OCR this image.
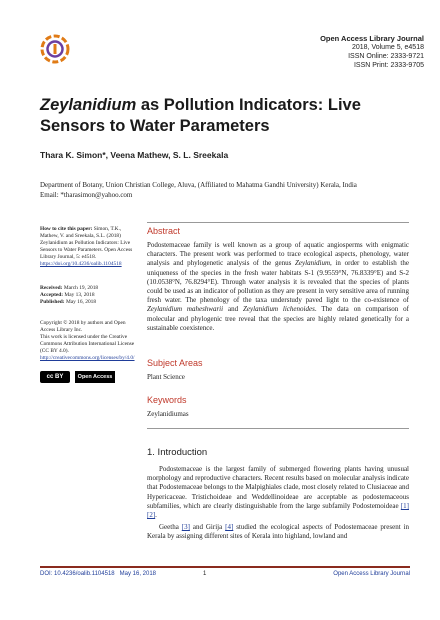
Open Access Library Journal
2018, Volume 5, e4518
ISSN Online: 2333-9721
ISSN Print: 2333-9705
Zeylanidium as Pollution Indicators: Live Sensors to Water Parameters
Thara K. Simon*, Veena Mathew, S. L. Sreekala
Department of Botany, Union Christian College, Aluva, (Affiliated to Mahatma Gandhi University) Kerala, India
Email: *tharasimon@yahoo.com
How to cite this paper: Simon, T.K., Mathew, V. and Sreekala, S.L. (2018) Zeylanidium as Pollution Indicators: Live Sensors to Water Parameters. Open Access Library Journal, 5: e4518.
https://doi.org/10.4236/oalib.1104518
Received: March 19, 2018
Accepted: May 13, 2018
Published: May 16, 2018
Copyright © 2018 by authors and Open Access Library Inc.
This work is licensed under the Creative Commons Attribution International License (CC BY 4.0).
http://creativecommons.org/licenses/by/4.0/
cc BY	Open Access
Abstract
Podostemaceae family is well known as a group of aquatic angiosperms with enigmatic characters. The present work was performed to trace ecological aspects, phenology, water analysis and phylogenetic analysis of the genus Zeylanidium, in order to establish the uniqueness of the species in the fresh water habitats S-1 (9.9559°N, 76.8339°E) and S-2 (10.0538°N, 76.8294°E). Through water analysis it is revealed that the species of plants could be used as an indicator of pollution as they are present in very sensitive area of running fresh water. The phenology of the taxa understudy paved light to the co-existence of Zeylanidium maheshwarii and Zeylanidium lichenoides. The data on comparison of molecular and phylogenic tree reveal that the species are highly related genetically for a sustainable coexistence.
Subject Areas
Plant Science
Keywords
Zeylanidiumas
1. Introduction
Podostemaceae is the largest family of submerged flowering plants having unusual morphology and reproductive characters. Recent results based on molecular analysis indicate that Podostemaceae belongs to the Malpighiales clade, most closely related to Clusiaceae and Hypericaceae. Tristichoideae and Weddellinoideae are acceptable as podostemaceous subfamilies, which are clearly distinguishable from the large subfamily Podostemoideae [1] [2].
Geetha [3] and Girija [4] studied the ecological aspects of Podostemaceae present in Kerala by assigning different sites of Kerala into highland, lowland and
DOI: 10.4236/oalib.1104518 May 16, 2018	1	Open Access Library Journal
